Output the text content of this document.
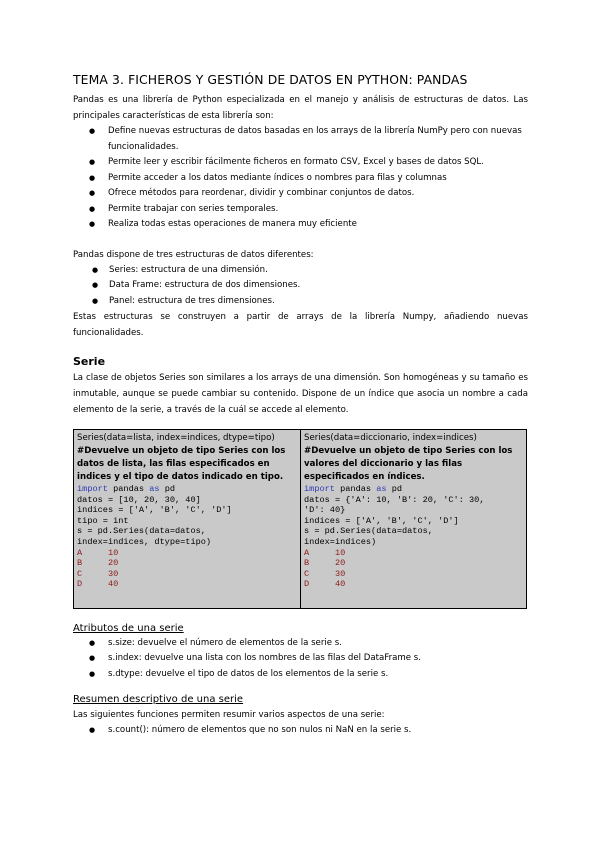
TEMA 3. FICHEROS Y GESTIÓN DE DATOS EN PYTHON: PANDAS

Pandas es una librería de Python especializada en el manejo y análisis de estructuras de datos. Las principales características de esta librería son:

● Define nuevas estructuras de datos basadas en los arrays de la librería NumPy pero con nuevas funcionalidades.
● Permite leer y escribir fácilmente ficheros en formato CSV, Excel y bases de datos SQL.
● Permite acceder a los datos mediante índices o nombres para filas y columnas
● Ofrece métodos para reordenar, dividir y combinar conjuntos de datos.
● Permite trabajar con series temporales.
● Realiza todas estas operaciones de manera muy eficiente

Pandas dispone de tres estructuras de datos diferentes:

● Series: estructura de una dimensión.
● Data Frame: estructura de dos dimensiones.
● Panel: estructura de tres dimensiones.

Estas estructuras se construyen a partir de arrays de la librería Numpy, añadiendo nuevas funcionalidades.

Serie

La clase de objetos Series son similares a los arrays de una dimensión. Son homogéneas y su tamaño es inmutable, aunque se puede cambiar su contenido. Dispone de un índice que asocia un nombre a cada elemento de la serie, a través de la cuál se accede al elemento.

Series(data=lista, index=indices, dtype=tipo)
#Devuelve un objeto de tipo Series con los datos de lista, las filas especificados en indices y el tipo de datos indicado en tipo.
import pandas as pd
datos = [10, 20, 30, 40]
indices = ['A', 'B', 'C', 'D']
tipo = int
s = pd.Series(data=datos,
index=indices, dtype=tipo)
A     10
B     20
C     30
D     40
Series(data=diccionario, index=indices)
#Devuelve un objeto de tipo Series con los valores del diccionario y las filas especificados en índices.
import pandas as pd
datos = {'A': 10, 'B': 20, 'C': 30,
'D': 40}
indices = ['A', 'B', 'C', 'D']
s = pd.Series(data=datos,
index=indices)
A     10
B     20
C     30
D     40
Atributos de una serie
● s.size: devuelve el número de elementos de la serie s.
● s.index: devuelve una lista con los nombres de las filas del DataFrame s.
● s.dtype: devuelve el tipo de datos de los elementos de la serie s.
Resumen descriptivo de una serie

Las siguientes funciones permiten resumir varios aspectos de una serie:

● s.count(): número de elementos que no son nulos ni NaN en la serie s.
